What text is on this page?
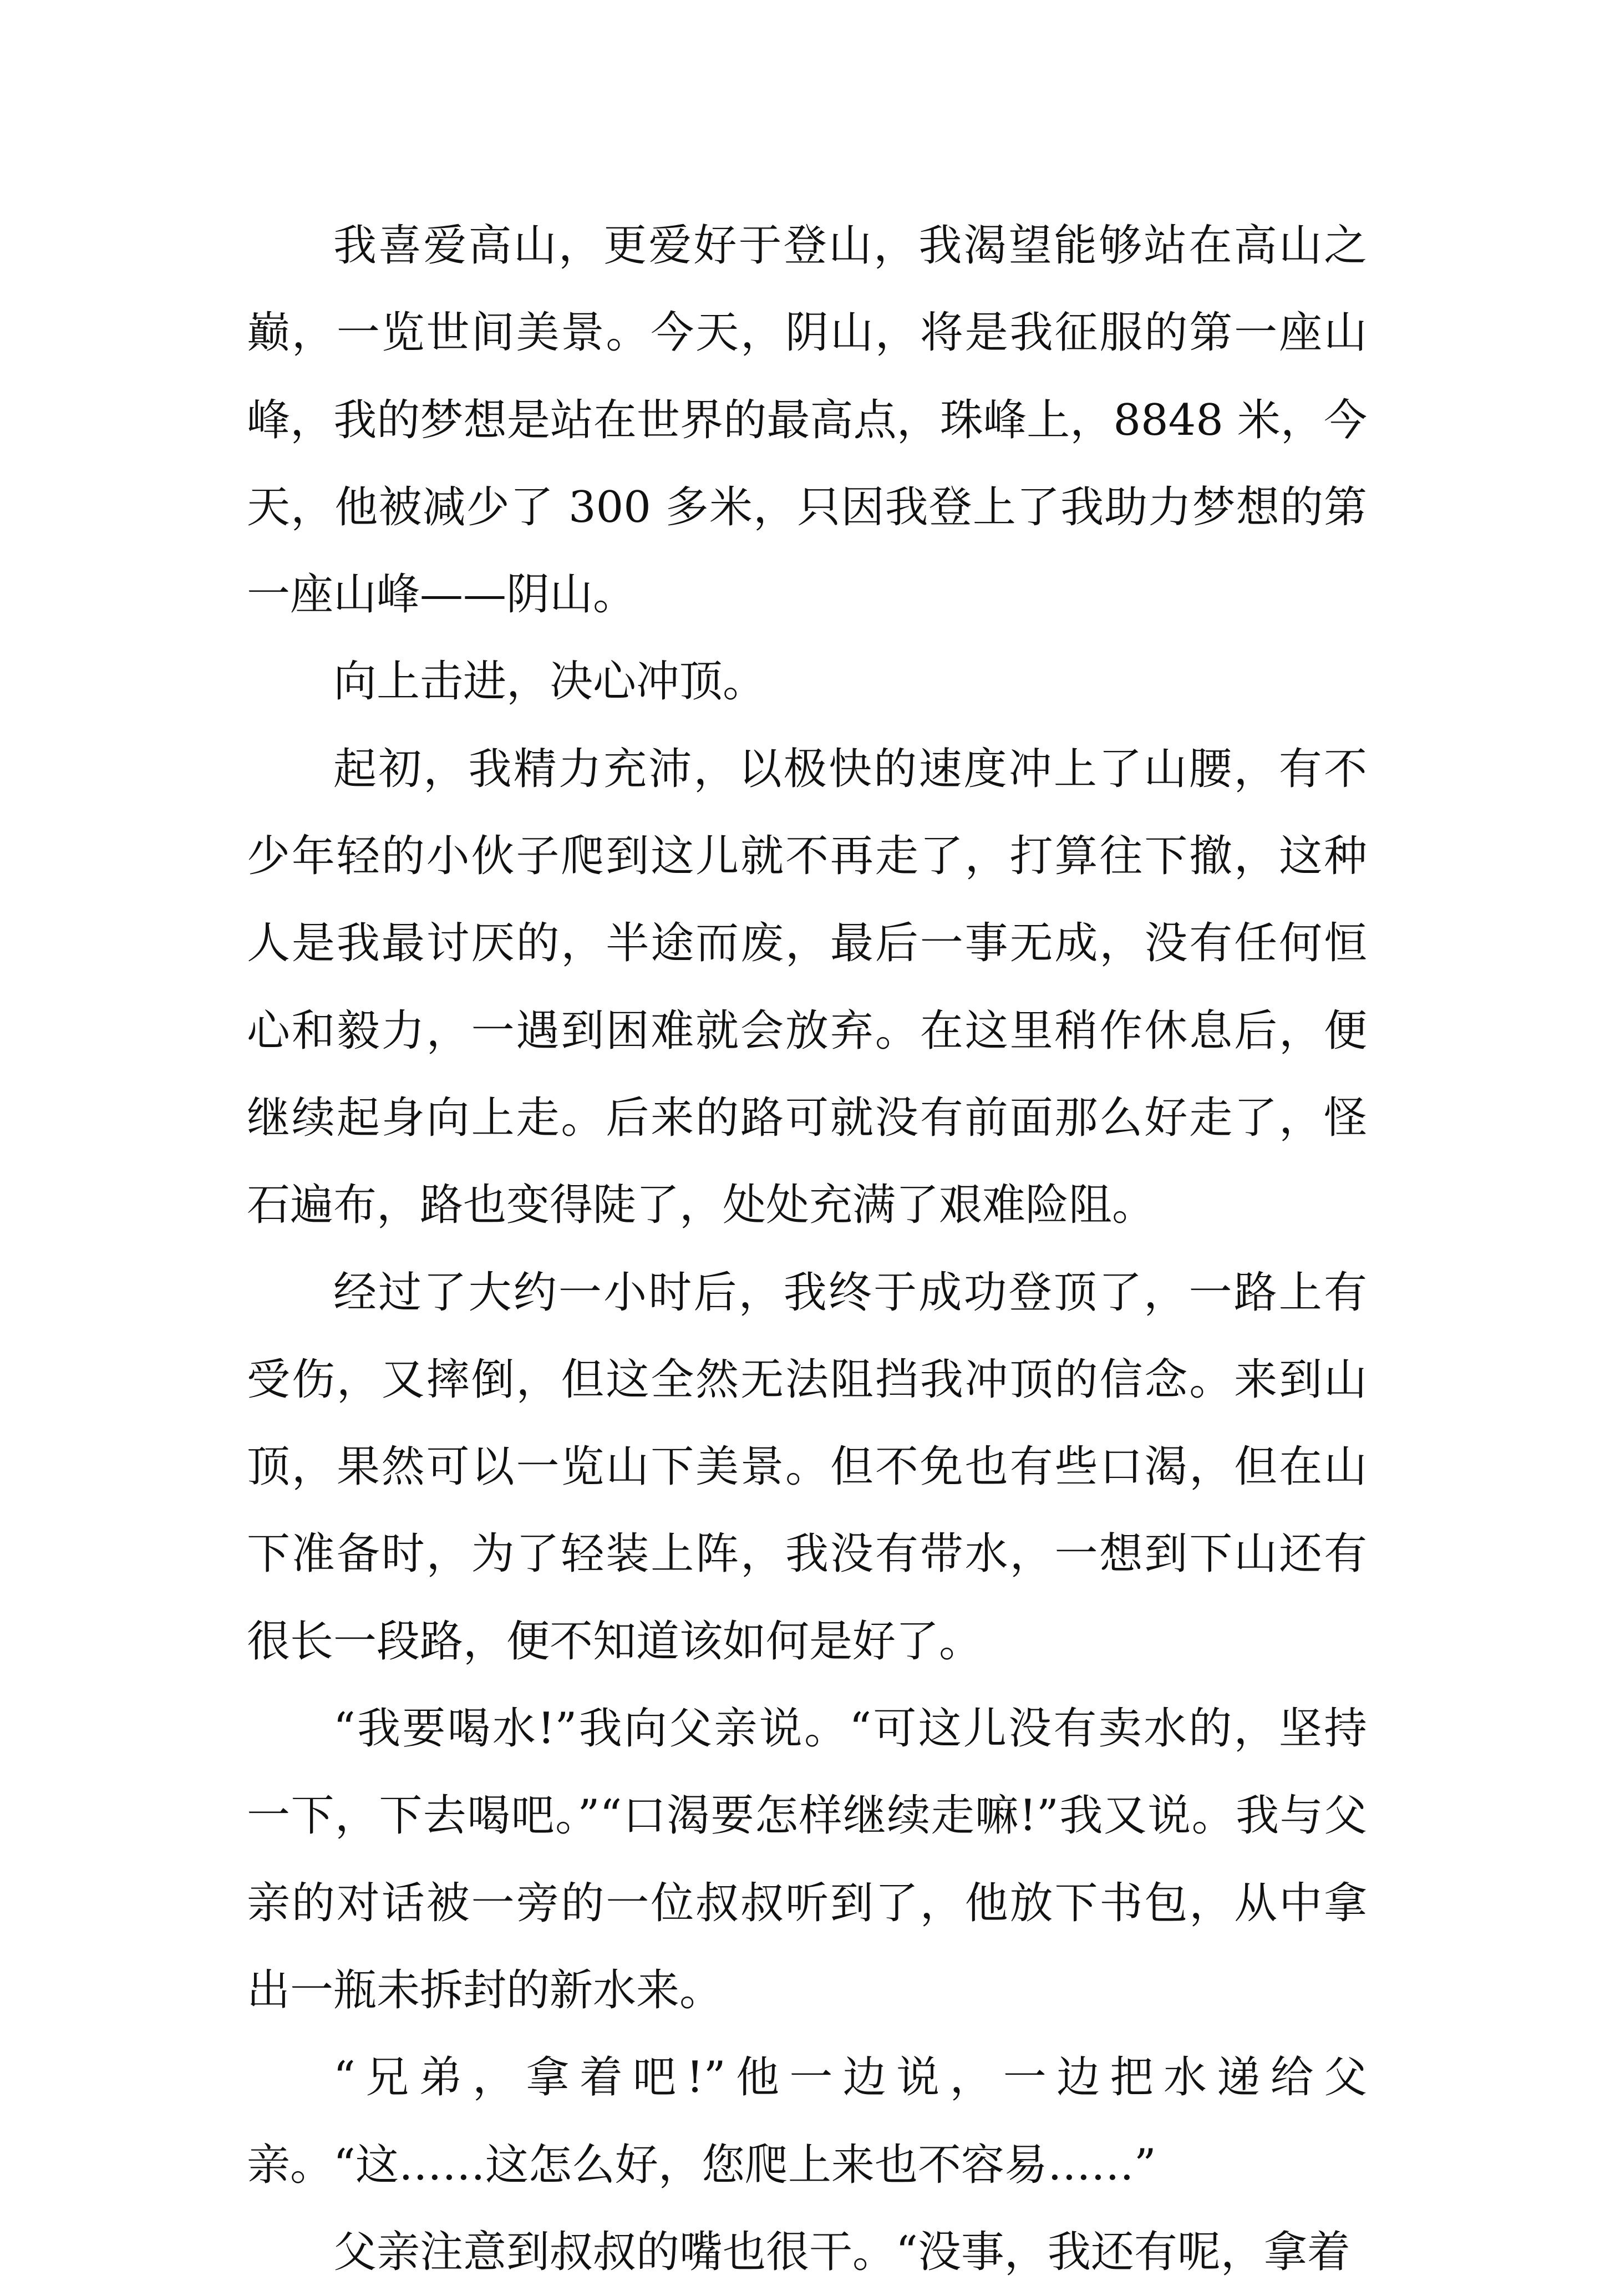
我喜爱高山，更爱好于登山，我渴望能够站在高山之巅，一览世间美景。今天，阴山，将是我征服的第一座山峰，我的梦想是站在世界的最高点，珠峰上，8848 米，今天，他被减少了 300 多米，只因我登上了我助力梦想的第一座山峰——阴山。

向上击进，决心冲顶。

起初，我精力充沛，以极快的速度冲上了山腰，有不少年轻的小伙子爬到这儿就不再走了，打算往下撤，这种人是我最讨厌的，半途而废，最后一事无成，没有任何恒心和毅力，一遇到困难就会放弃。在这里稍作休息后，便继续起身向上走。后来的路可就没有前面那么好走了，怪石遍布，路也变得陡了，处处充满了艰难险阻。

经过了大约一小时后，我终于成功登顶了，一路上有受伤，又摔倒，但这全然无法阻挡我冲顶的信念。来到山顶，果然可以一览山下美景。但不免也有些口渴，但在山下准备时，为了轻装上阵，我没有带水，一想到下山还有很长一段路，便不知道该如何是好了。

“我要喝水!”我向父亲说。“可这儿没有卖水的，坚持一下，下去喝吧。”“口渴要怎样继续走嘛!”我又说。我与父亲的对话被一旁的一位叔叔听到了，他放下书包，从中拿出一瓶未拆封的新水来。

“兄弟，拿着吧!”他一边说，一边把水递给父亲。“这……这怎么好，您爬上来也不容易……”

父亲注意到叔叔的嘴也很干。“没事，我还有呢，拿着
